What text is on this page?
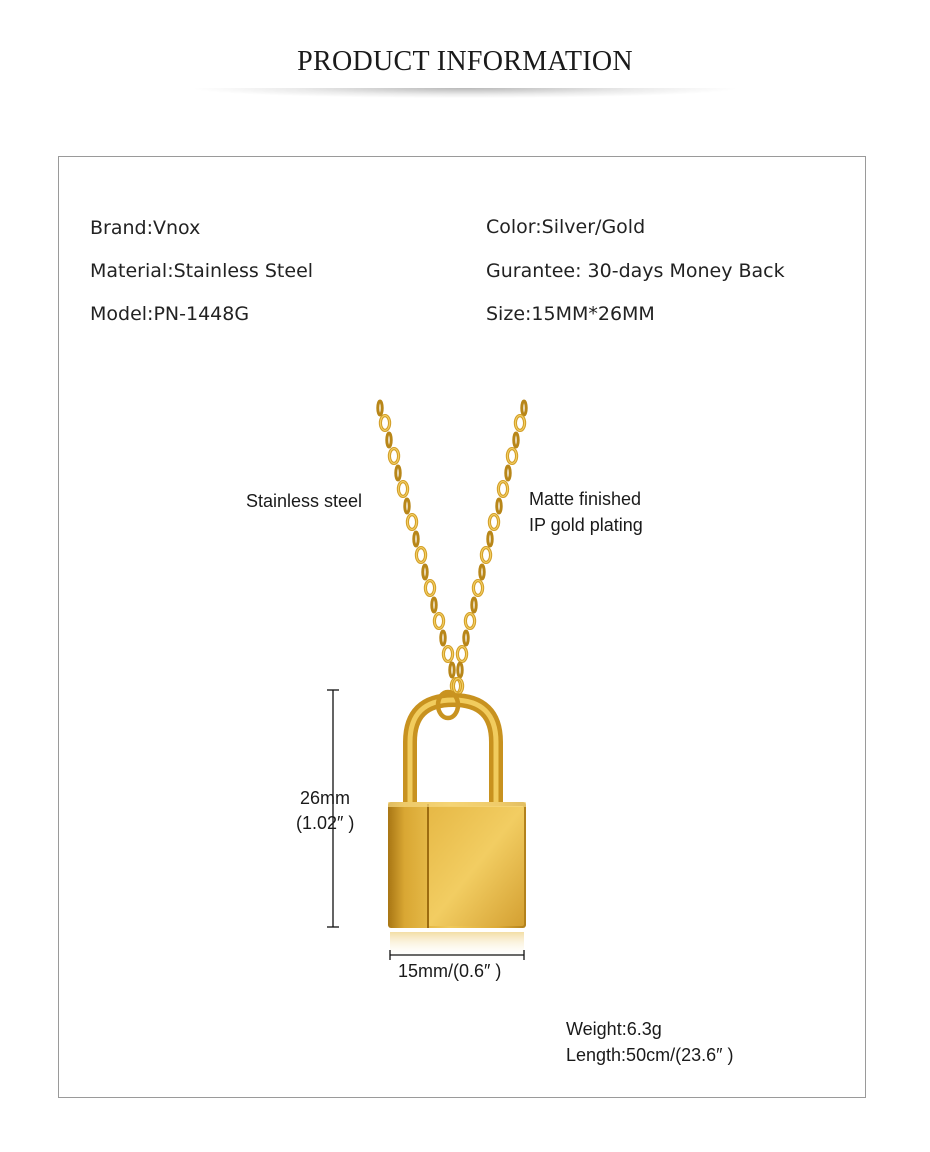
PRODUCT INFORMATION
Brand:Vnox
Material:Stainless Steel
Model:PN-1448G
Color:Silver/Gold
Gurantee: 30-days Money Back
Size:15MM*26MM
Stainless steel	Matte finished
IP gold plating
26mm
(1.02″ )
15mm/(0.6″ )
Weight:6.3g
Length:50cm/(23.6″ )
